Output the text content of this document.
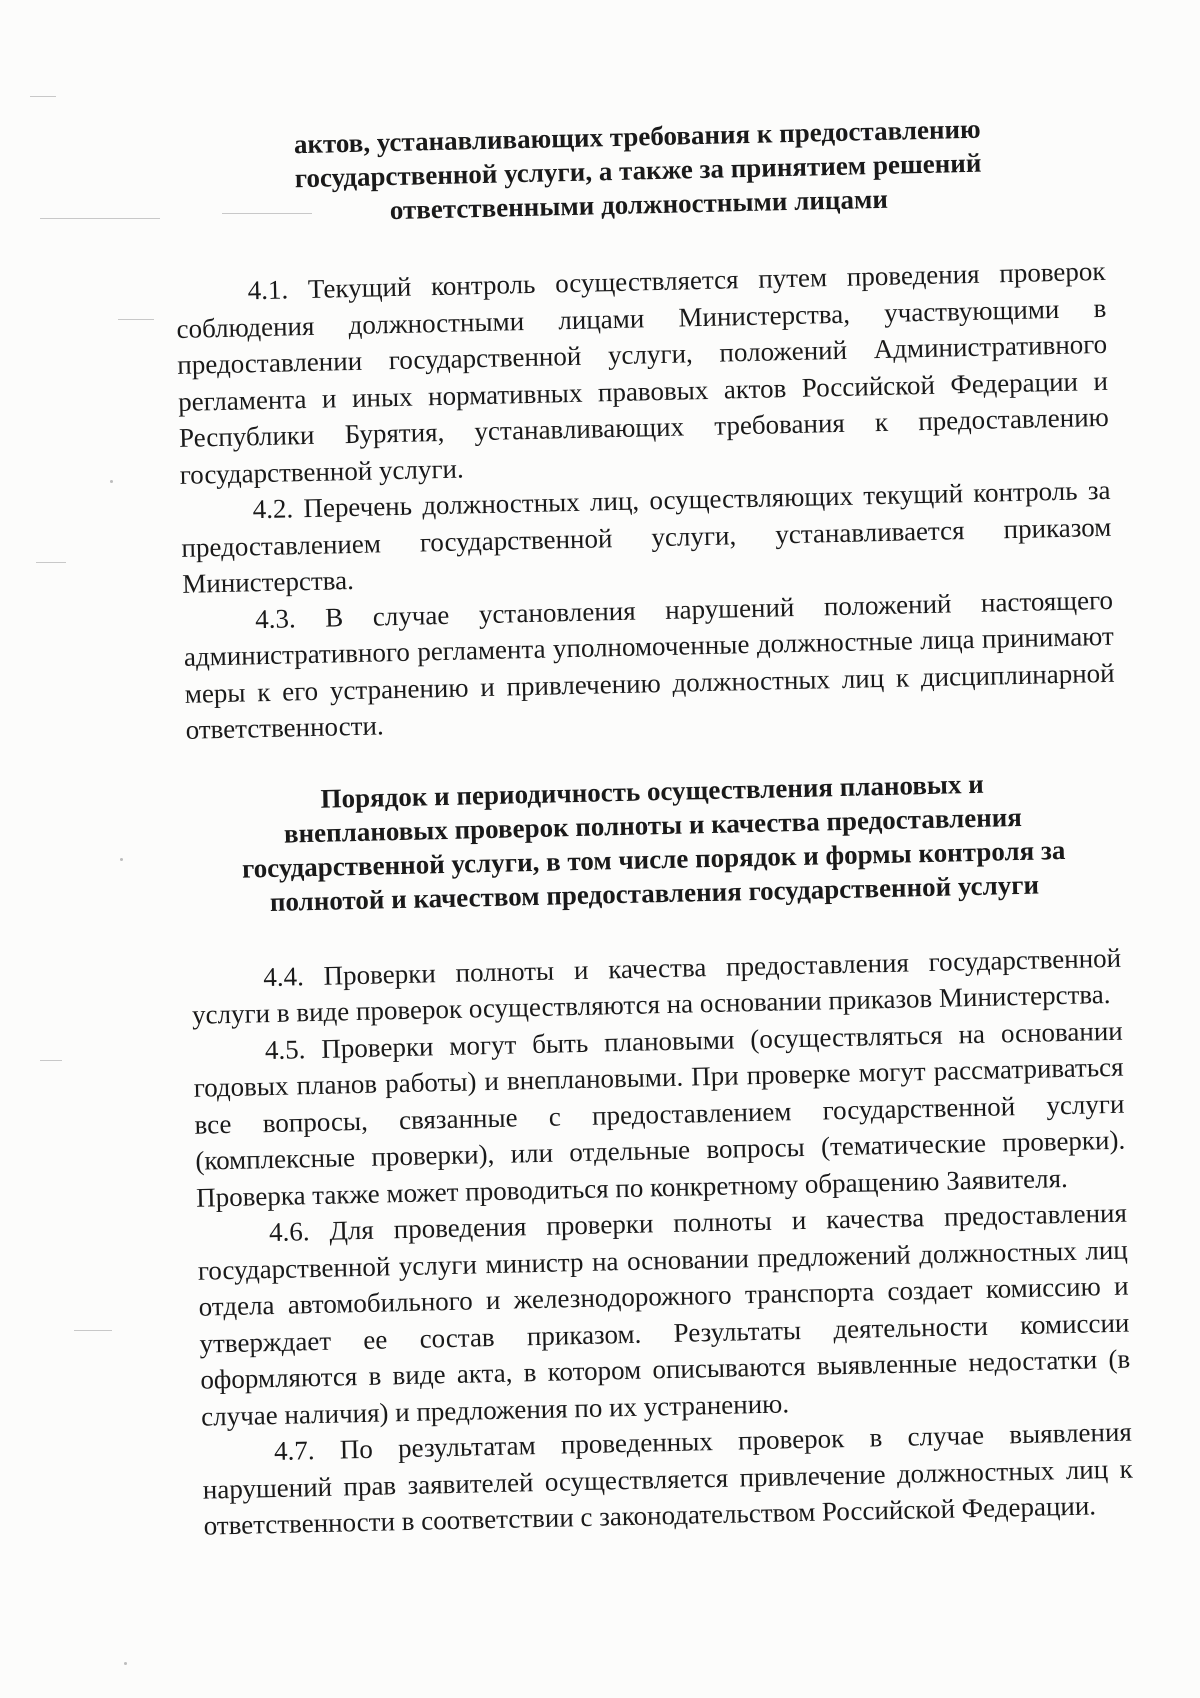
актов, устанавливающих требования к предоставлению
государственной услуги, а также за принятием решений
ответственными должностными лицами

4.1. Текущий контроль осуществляется путем проведения проверок соблюдения должностными лицами Министерства, участвующими в предоставлении государственной услуги, положений Административного регламента и иных нормативных правовых актов Российской Федерации и Республики Бурятия, устанавливающих требования к предоставлению государственной услуги.

4.2. Перечень должностных лиц, осуществляющих текущий контроль за предоставлением государственной услуги, устанавливается приказом Министерства.

4.3. В случае установления нарушений положений настоящего административного регламента уполномоченные должностные лица принимают меры к его устранению и привлечению должностных лиц к дисциплинарной ответственности.

Порядок и периодичность осуществления плановых и
внеплановых проверок полноты и качества предоставления
государственной услуги, в том числе порядок и формы контроля за
полнотой и качеством предоставления государственной услуги

4.4. Проверки полноты и качества предоставления государственной услуги в виде проверок осуществляются на основании приказов Министерства.

4.5. Проверки могут быть плановыми (осуществляться на основании годовых планов работы) и внеплановыми. При проверке могут рассматриваться все вопросы, связанные с предоставлением государственной услуги (комплексные проверки), или отдельные вопросы (тематические проверки). Проверка также может проводиться по конкретному обращению Заявителя.

4.6. Для проведения проверки полноты и качества предоставления государственной услуги министр на основании предложений должностных лиц отдела автомобильного и железнодорожного транспорта создает комиссию и утверждает ее состав приказом. Результаты деятельности комиссии оформляются в виде акта, в котором описываются выявленные недостатки (в случае наличия) и предложения по их устранению.

4.7. По результатам проведенных проверок в случае выявления нарушений прав заявителей осуществляется привлечение должностных лиц к ответственности в соответствии с законодательством Российской Федерации.
